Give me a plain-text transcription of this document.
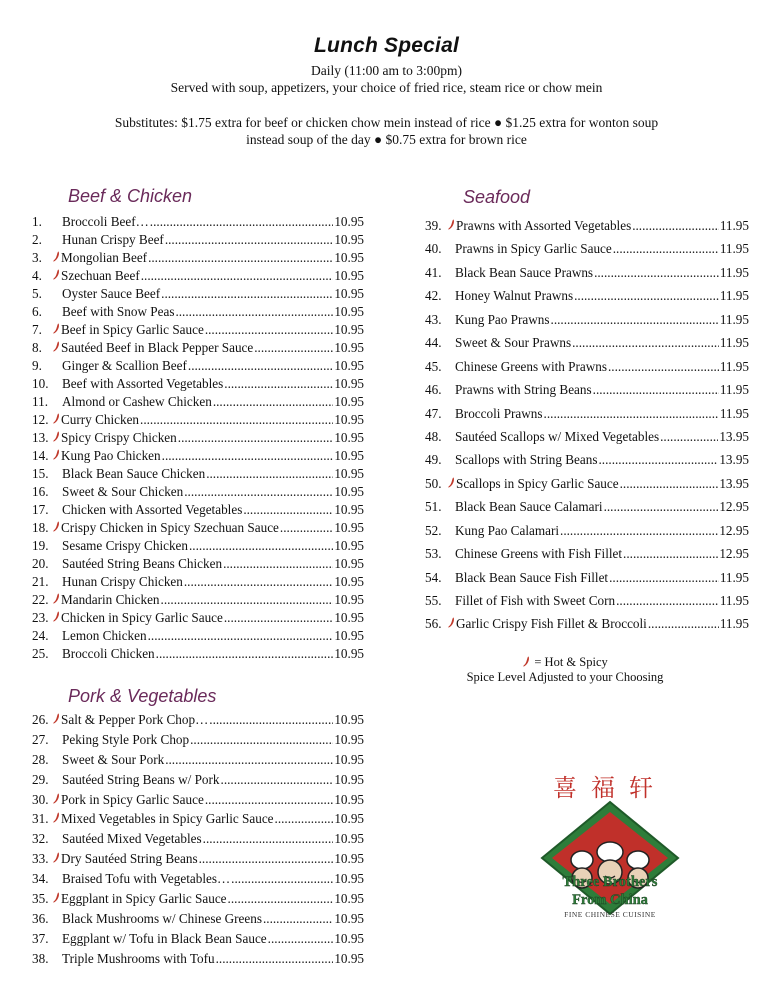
Lunch Special
Daily (11:00 am to 3:00pm)
Served with soup, appetizers, your choice of fried rice, steam rice or chow mein
Substitutes: $1.75 extra for beef or chicken chow mein instead of rice ● $1.25 extra for wonton soup
instead soup of the day ● $0.75 extra for brown rice
Beef & Chicken
1.	Broccoli Beef… .....	10.95
2.	Hunan Crispy Beef .....	10.95
3.	Mongolian Beef .....	10.95
4.	Szechuan Beef .....	10.95
5.	Oyster Sauce Beef .....	10.95
6.	Beef with Snow Peas .....	10.95
7.	Beef in Spicy Garlic Sauce .....	10.95
8.	Sautéed Beef in Black Pepper Sauce .....	10.95
9.	Ginger & Scallion Beef .....	10.95
10.	Beef with Assorted Vegetables .....	10.95
11.	Almond or Cashew Chicken .....	10.95
12. Curry Chicken .....	10.95
13. Spicy Crispy Chicken .....	10.95
14. Kung Pao Chicken .....	10.95
15.	Black Bean Sauce Chicken .....	10.95
16.	Sweet & Sour Chicken .....	10.95
17.	Chicken with Assorted Vegetables .....	10.95
18. Crispy Chicken in Spicy Szechuan Sauce .....	10.95
19.	Sesame Crispy Chicken .....	10.95
20.	Sautéed String Beans Chicken .....	10.95
21.	Hunan Crispy Chicken .....	10.95
22. Mandarin Chicken .....	10.95
23. Chicken in Spicy Garlic Sauce .....	10.95
24.	Lemon Chicken .....	10.95
25.	Broccoli Chicken .....	10.95
Pork & Vegetables
26. Salt & Pepper Pork Chop… .....	10.95
27.	Peking Style Pork Chop .....	10.95
28.	Sweet & Sour Pork .....	10.95
29.	Sautéed String Beans w/ Pork .....	10.95
30. Pork in Spicy Garlic Sauce .....	10.95
31. Mixed Vegetables in Spicy Garlic Sauce .....	10.95
32.	Sautéed Mixed Vegetables .....	10.95
33. Dry Sautéed String Beans .....	10.95
34.	Braised Tofu with Vegetables… .....	10.95
35. Eggplant in Spicy Garlic Sauce .....	10.95
36.	Black Mushrooms w/ Chinese Greens .....	10.95
37.	Eggplant w/ Tofu in Black Bean Sauce .....	10.95
38.	Triple Mushrooms with Tofu .....	10.95
Seafood
39.	Prawns with Assorted Vegetables .....	11.95
40.	Prawns in Spicy Garlic Sauce .....	11.95
41.	Black Bean Sauce Prawns .....	11.95
42.	Honey Walnut Prawns .....	11.95
43.	Kung Pao Prawns .....	11.95
44.	Sweet & Sour Prawns .....	11.95
45.	Chinese Greens with Prawns .....	11.95
46.	Prawns with String Beans .....	11.95
47.	Broccoli Prawns .....	11.95
48.	Sautéed Scallops w/ Mixed Vegetables .....	13.95
49.	Scallops with String Beans .....	13.95
50.	Scallops in Spicy Garlic Sauce .....	13.95
51.	Black Bean Sauce Calamari .....	12.95
52.	Kung Pao Calamari .....	12.95
53.	Chinese Greens with Fish Fillet .....	12.95
54.	Black Bean Sauce Fish Fillet .....	11.95
55.	Fillet of Fish with Sweet Corn .....	11.95
56.	Garlic Crispy Fish Fillet & Broccoli .....	11.95
= Hot & Spicy
Spice Level Adjusted to your Choosing
喜福轩
Three Brothers
From China
FINE CHINESE CUISINE
